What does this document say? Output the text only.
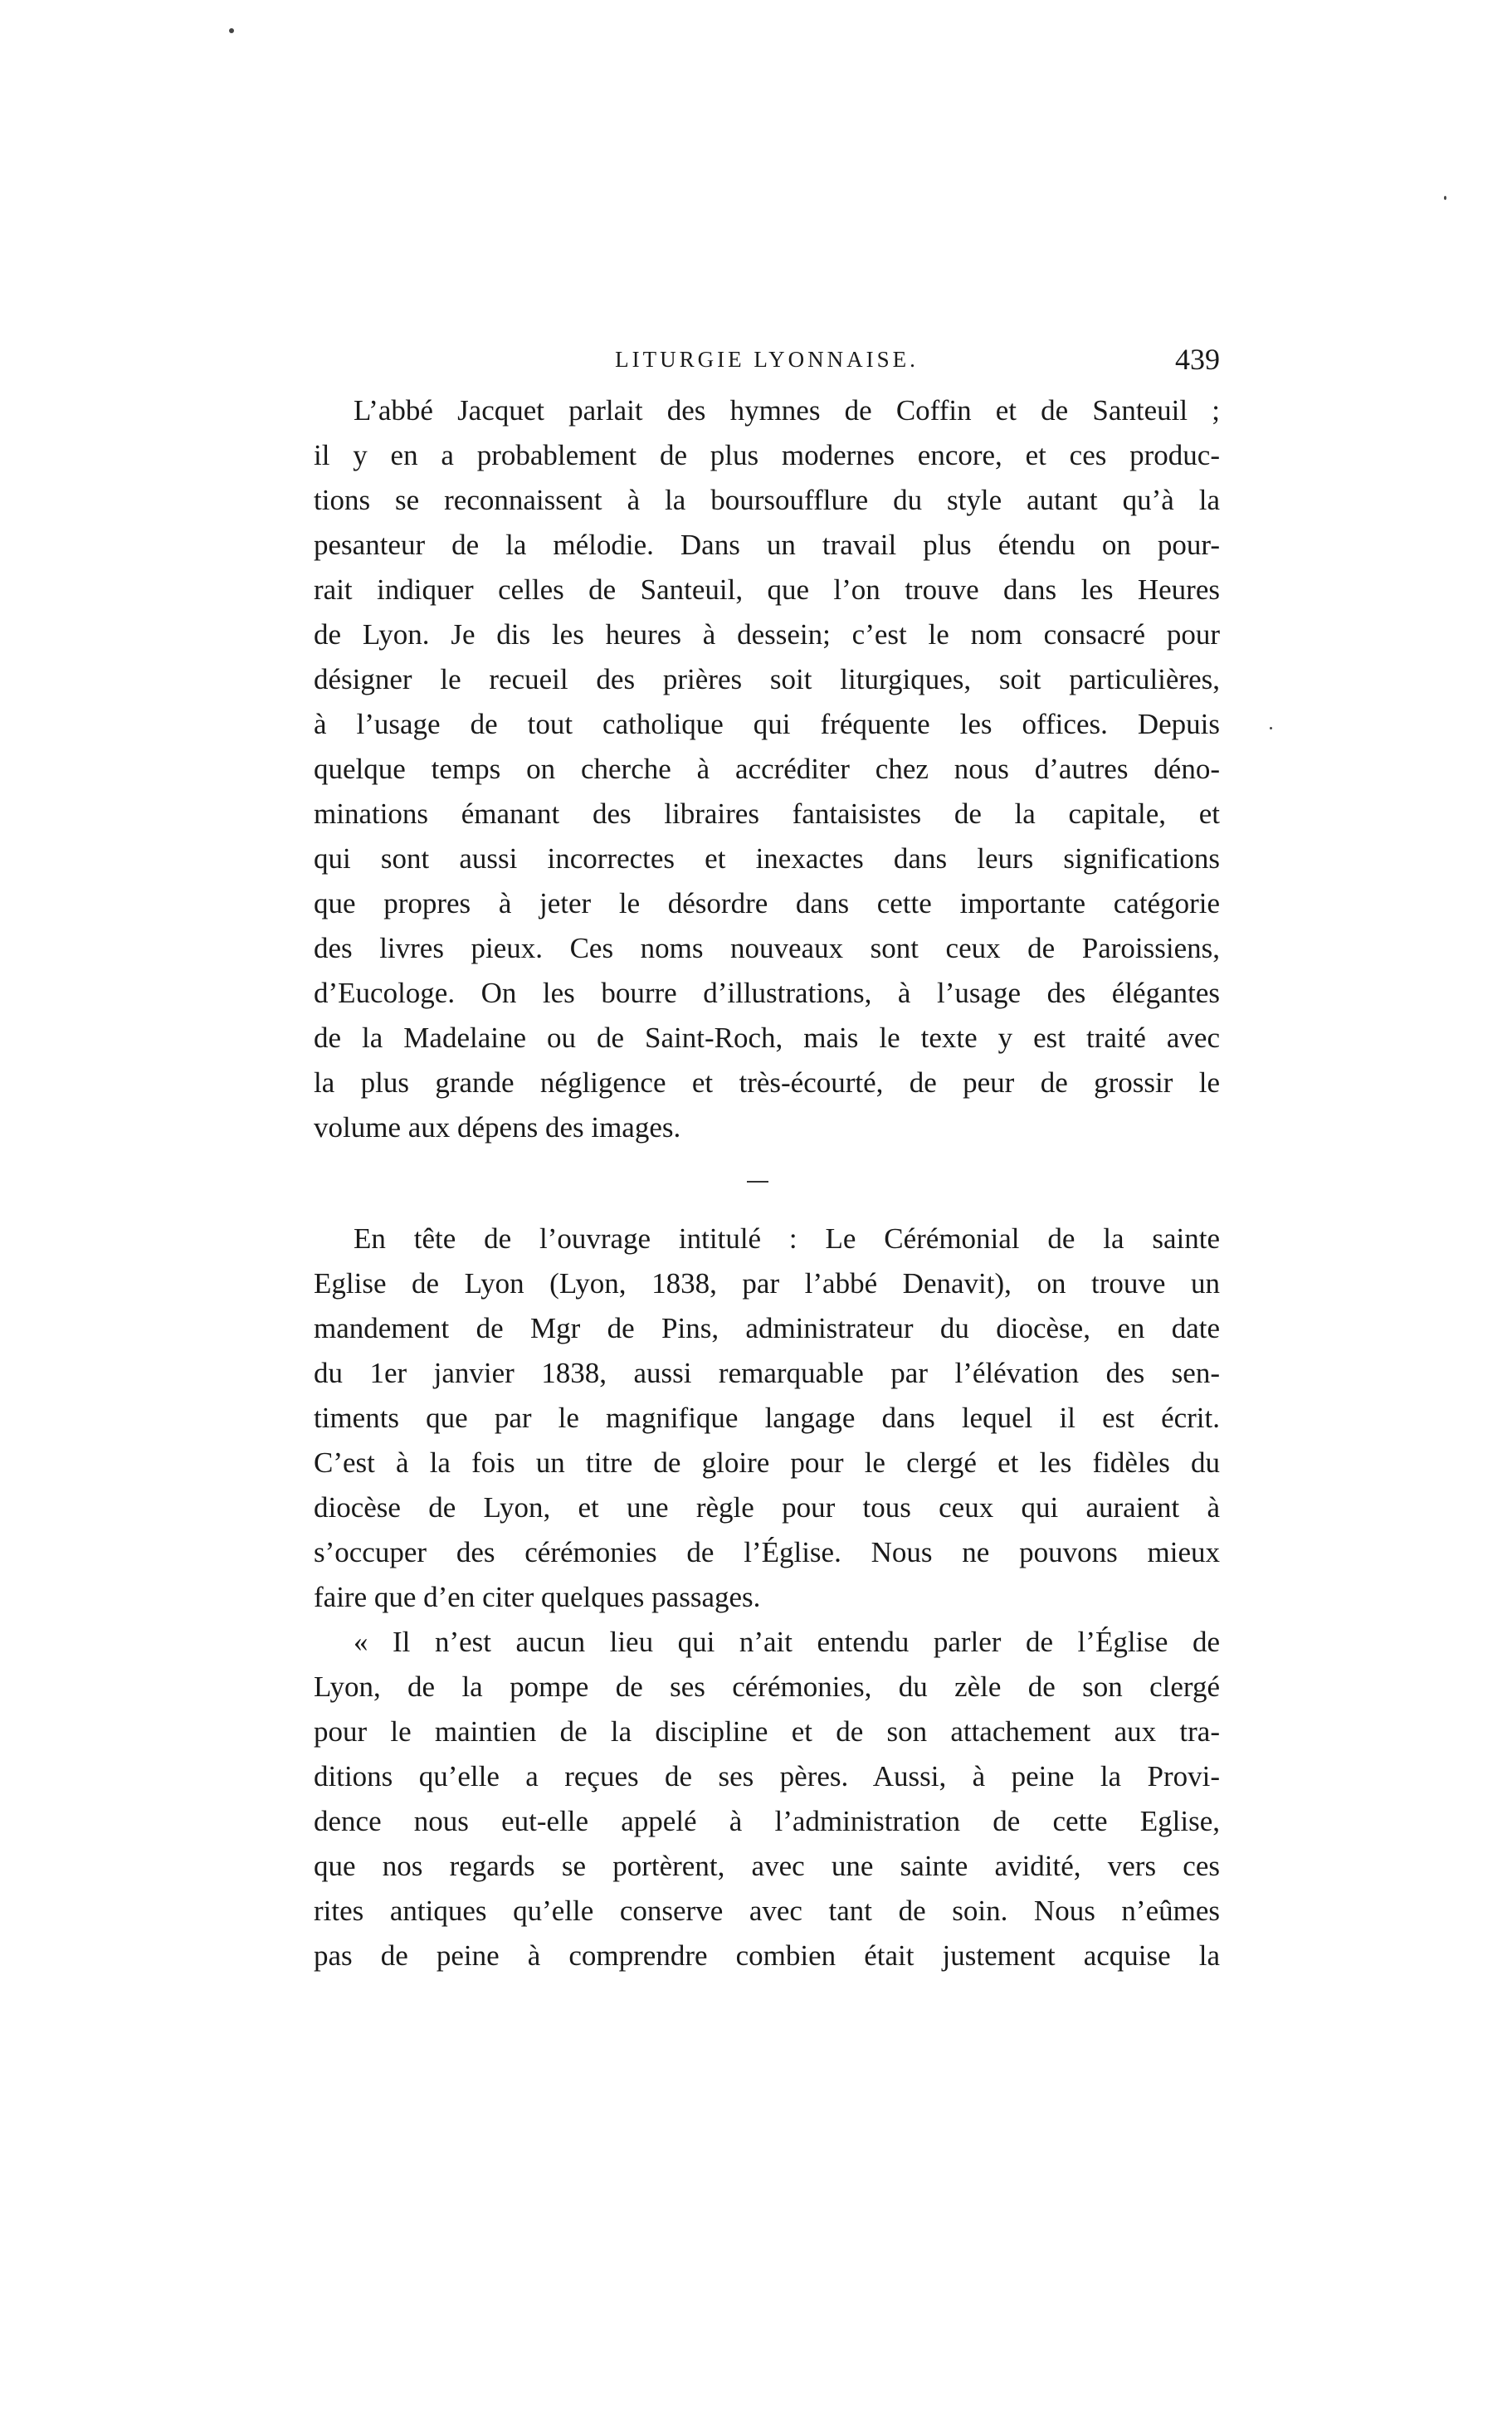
LITURGIE LYONNAISE.	439
L’abbé Jacquet parlait des hymnes de Coffin et de Santeuil ;
il y en a probablement de plus modernes encore, et ces produc-
tions se reconnaissent à la boursoufflure du style autant qu’à la
pesanteur de la mélodie. Dans un travail plus étendu on pour-
rait indiquer celles de Santeuil, que l’on trouve dans les Heures
de Lyon. Je dis les heures à dessein; c’est le nom consacré pour
désigner le recueil des prières soit liturgiques, soit particulières,
à l’usage de tout catholique qui fréquente les offices. Depuis
quelque temps on cherche à accréditer chez nous d’autres déno-
minations émanant des libraires fantaisistes de la capitale, et
qui sont aussi incorrectes et inexactes dans leurs significations
que propres à jeter le désordre dans cette importante catégorie
des livres pieux. Ces noms nouveaux sont ceux de Paroissiens,
d’Eucologe. On les bourre d’illustrations, à l’usage des élégantes
de la Madelaine ou de Saint-Roch, mais le texte y est traité avec
la plus grande négligence et très-écourté, de peur de grossir le
volume aux dépens des images.
En tête de l’ouvrage intitulé : Le Cérémonial de la sainte
Eglise de Lyon (Lyon, 1838, par l’abbé Denavit), on trouve un
mandement de Mgr de Pins, administrateur du diocèse, en date
du 1er janvier 1838, aussi remarquable par l’élévation des sen-
timents que par le magnifique langage dans lequel il est écrit.
C’est à la fois un titre de gloire pour le clergé et les fidèles du
diocèse de Lyon, et une règle pour tous ceux qui auraient à
s’occuper des cérémonies de l’Église. Nous ne pouvons mieux
faire que d’en citer quelques passages.
« Il n’est aucun lieu qui n’ait entendu parler de l’Église de
Lyon, de la pompe de ses cérémonies, du zèle de son clergé
pour le maintien de la discipline et de son attachement aux tra-
ditions qu’elle a reçues de ses pères. Aussi, à peine la Provi-
dence nous eut-elle appelé à l’administration de cette Eglise,
que nos regards se portèrent, avec une sainte avidité, vers ces
rites antiques qu’elle conserve avec tant de soin. Nous n’eûmes
pas de peine à comprendre combien était justement acquise la
